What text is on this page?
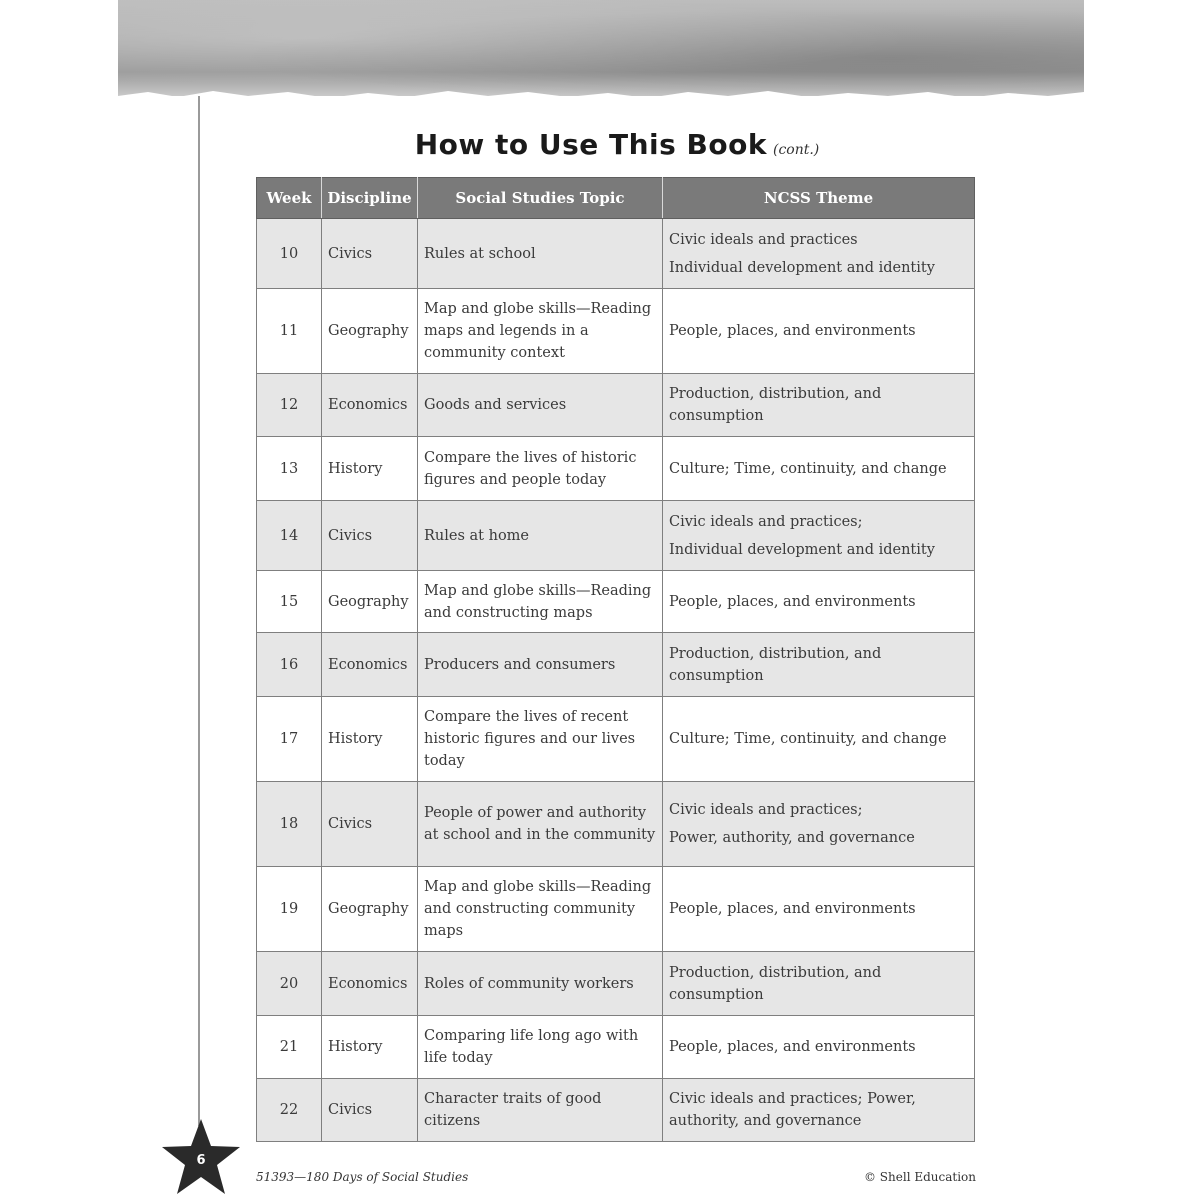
How to Use This Book (cont.)
Week	Discipline	Social Studies Topic	NCSS Theme
10	Civics	Rules at school	Civic ideals and practices
Individual development and identity

11	Geography	Map and globe skills—Reading maps and legends in a community context	People, places, and environments

12	Economics	Goods and services	Production, distribution, and consumption

13	History	Compare the lives of historic figures and people today	Culture; Time, continuity, and change

14	Civics	Rules at home	Civic ideals and practices;
Individual development and identity

15	Geography	Map and globe skills—Reading and constructing maps	People, places, and environments

16	Economics	Producers and consumers	Production, distribution, and consumption

17	History	Compare the lives of recent historic figures and our lives today	Culture; Time, continuity, and change

18	Civics	People of power and authority at school and in the community	Civic ideals and practices;
Power, authority, and governance

19	Geography	Map and globe skills—Reading and constructing community maps	People, places, and environments

20	Economics	Roles of community workers	Production, distribution, and consumption

21	History	Comparing life long ago with life today	People, places, and environments

22	Civics	Character traits of good citizens	Civic ideals and practices; Power, authority, and governance
6
51393—180 Days of Social Studies	© Shell Education
